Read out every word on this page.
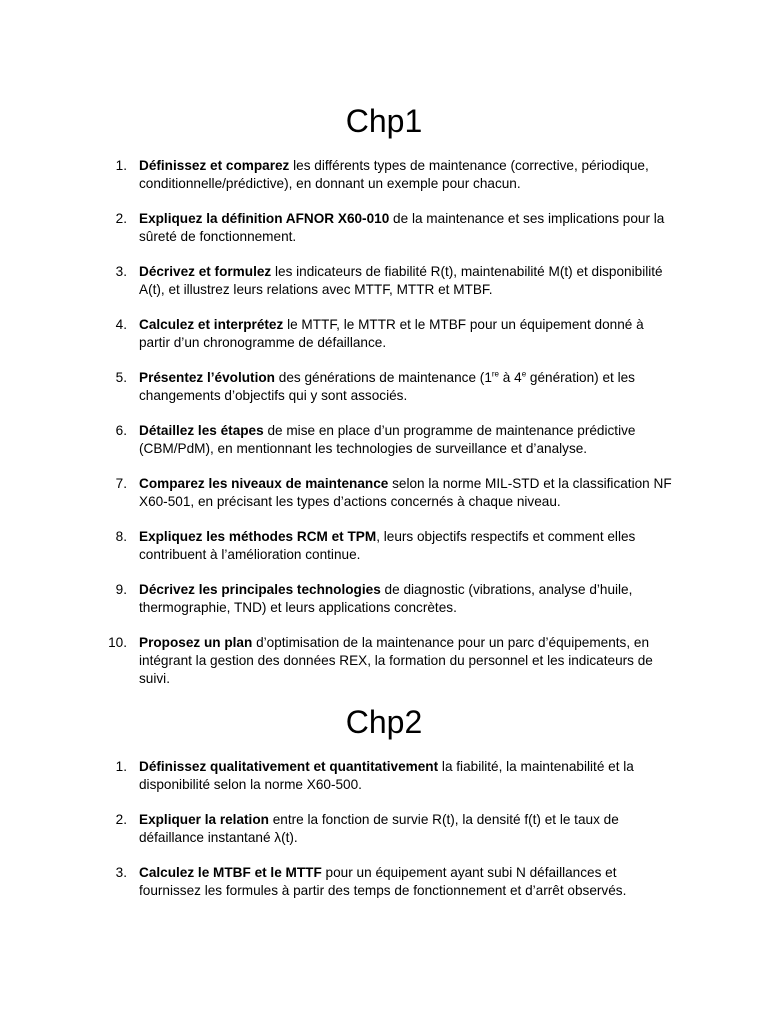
Chp1
1. Définissez et comparez les différents types de maintenance (corrective, périodique, conditionnelle/prédictive), en donnant un exemple pour chacun.
2. Expliquez la définition AFNOR X60‑010 de la maintenance et ses implications pour la sûreté de fonctionnement.
3. Décrivez et formulez les indicateurs de fiabilité R(t), maintenabilité M(t) et disponibilité A(t), et illustrez leurs relations avec MTTF, MTTR et MTBF.
4. Calculez et interprétez le MTTF, le MTTR et le MTBF pour un équipement donné à partir d’un chronogramme de défaillance.
5. Présentez l’évolution des générations de maintenance (1re à 4e génération) et les changements d’objectifs qui y sont associés.
6. Détaillez les étapes de mise en place d’un programme de maintenance prédictive (CBM/PdM), en mentionnant les technologies de surveillance et d’analyse.
7. Comparez les niveaux de maintenance selon la norme MIL‑STD et la classification NF X60‑501, en précisant les types d’actions concernés à chaque niveau.
8. Expliquez les méthodes RCM et TPM, leurs objectifs respectifs et comment elles contribuent à l’amélioration continue.
9. Décrivez les principales technologies de diagnostic (vibrations, analyse d’huile, thermographie, TND) et leurs applications concrètes.
10. Proposez un plan d’optimisation de la maintenance pour un parc d’équipements, en intégrant la gestion des données REX, la formation du personnel et les indicateurs de suivi.
Chp2
1. Définissez qualitativement et quantitativement la fiabilité, la maintenabilité et la disponibilité selon la norme X60‑500.
2. Expliquer la relation entre la fonction de survie R(t), la densité f(t) et le taux de défaillance instantané λ(t).
3. Calculez le MTBF et le MTTF pour un équipement ayant subi N défaillances et fournissez les formules à partir des temps de fonctionnement et d’arrêt observés.
